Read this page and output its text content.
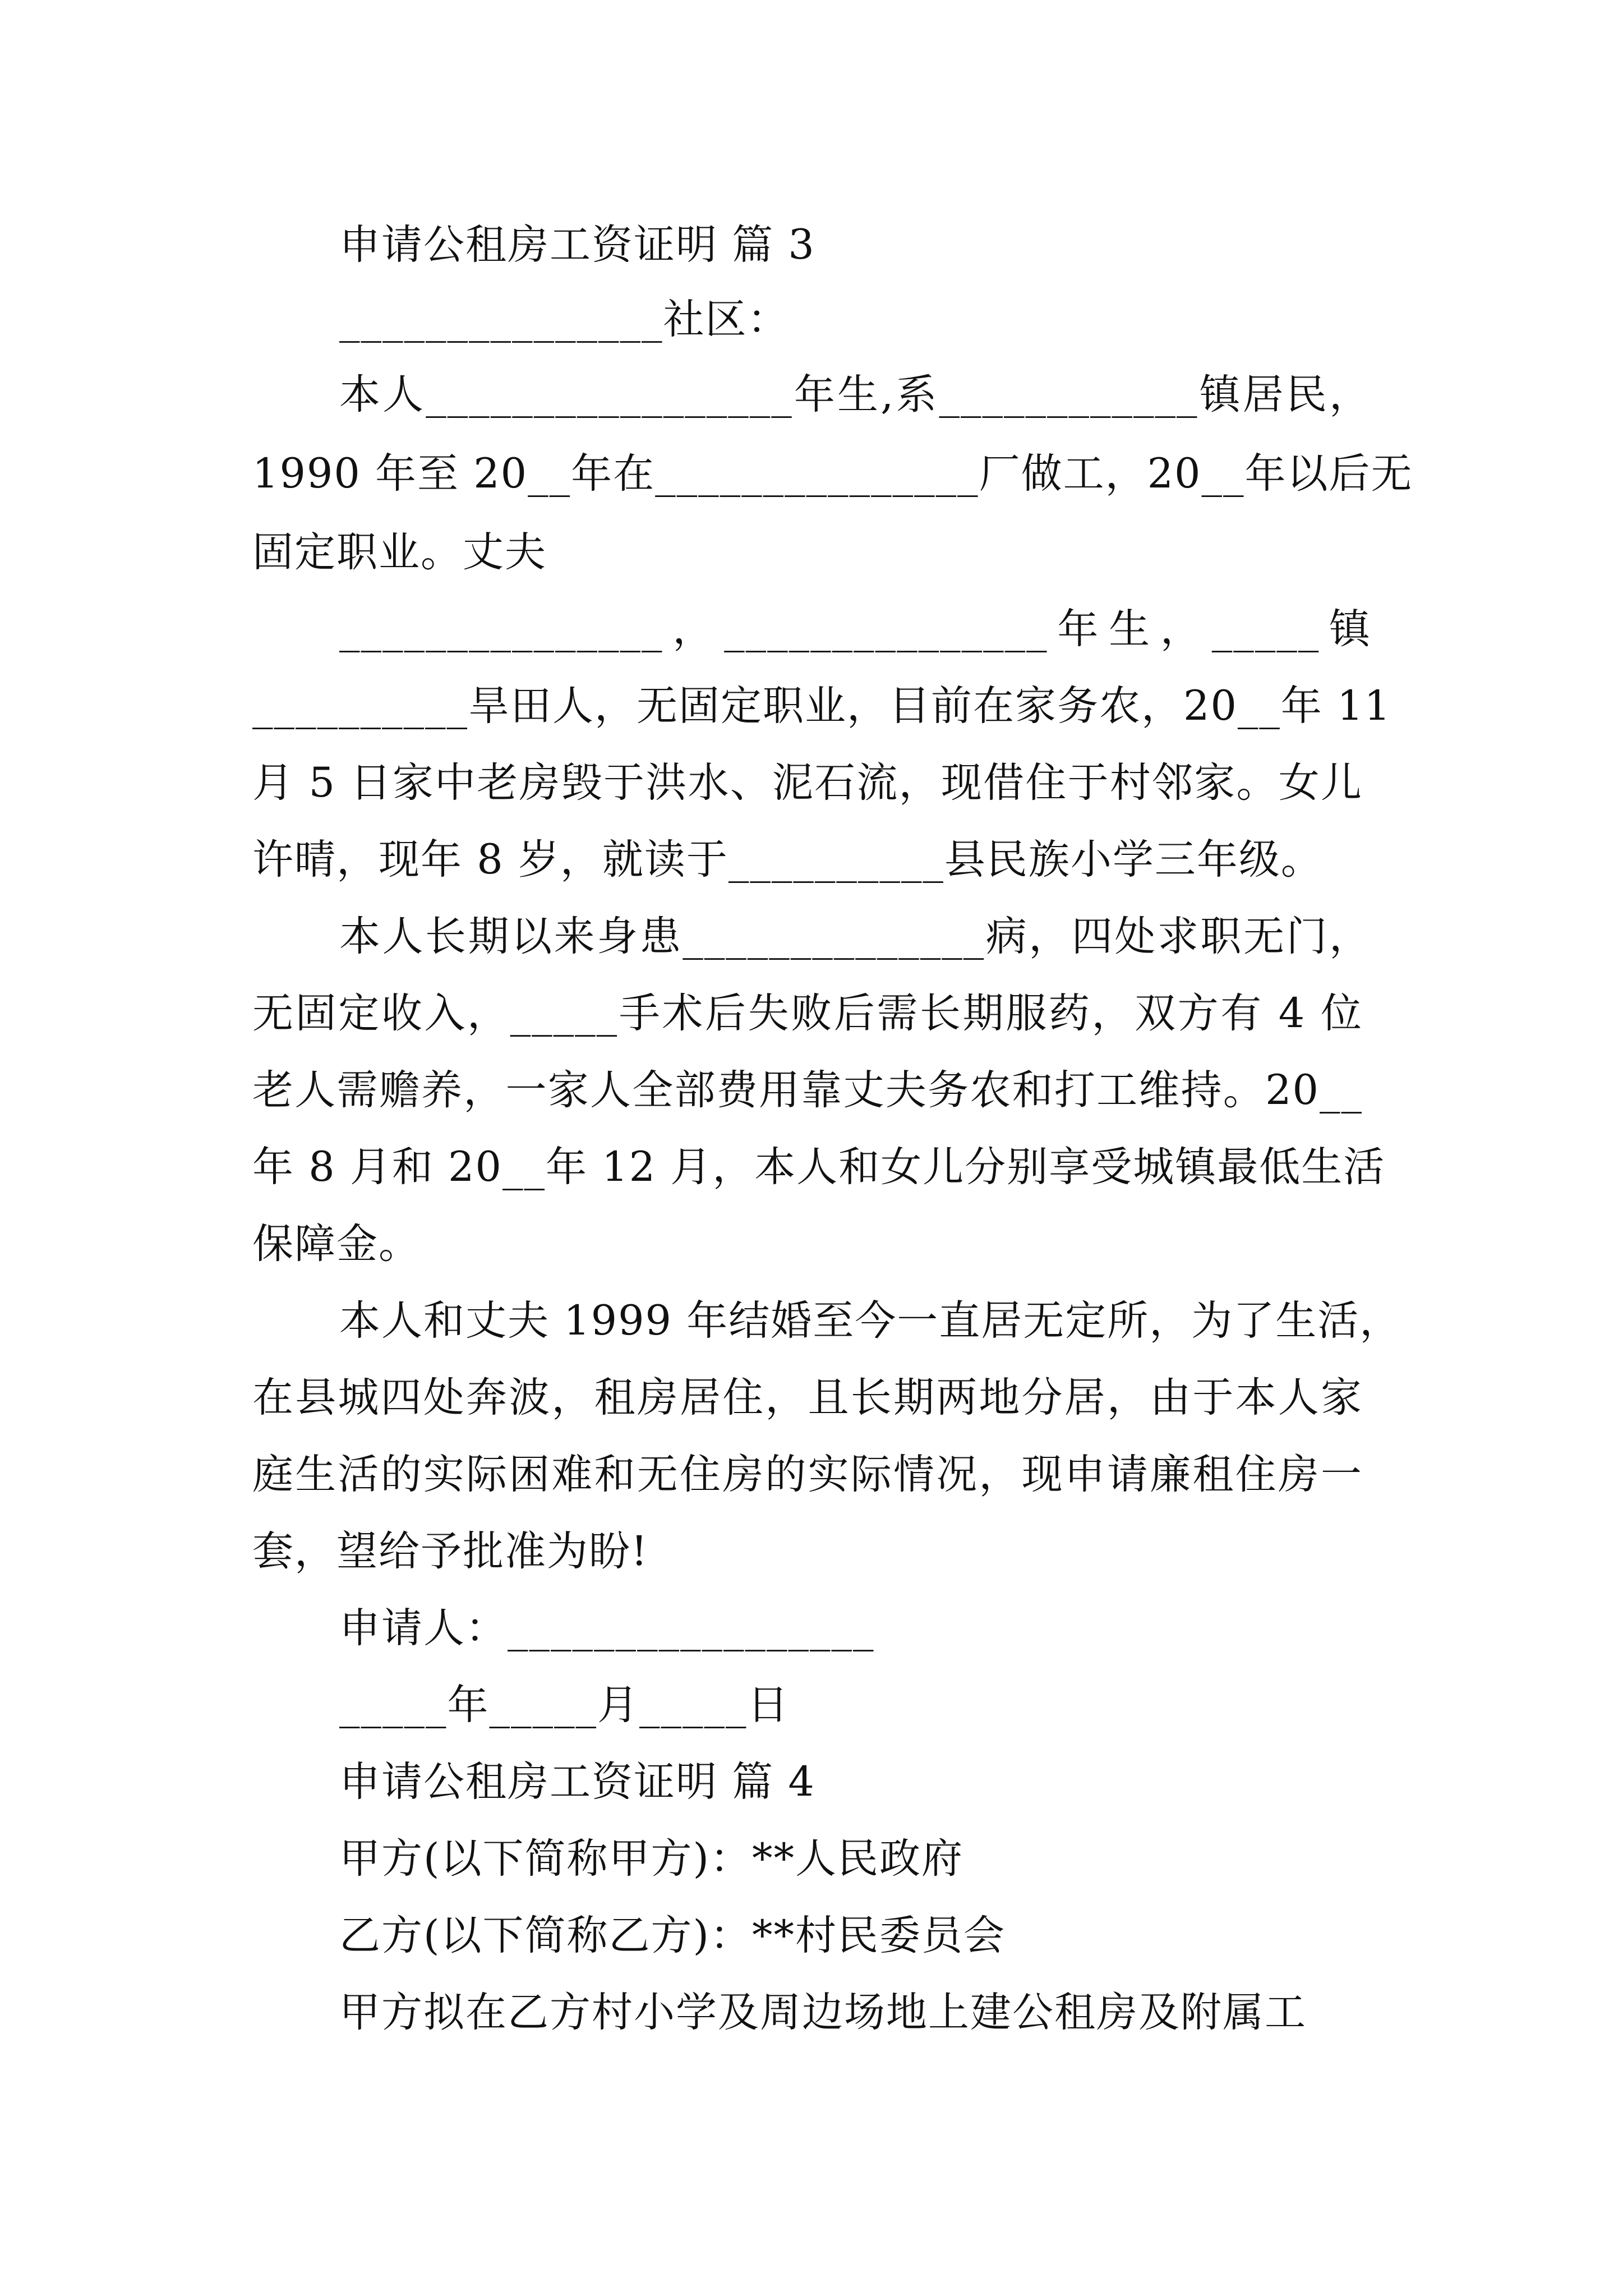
申请公租房工资证明 篇 3
_______________社区：
本人_________________年生,系____________镇居民，
1990 年至 20__年在_______________厂做工，20__年以后无
固定职业。丈夫
_______________，_______________年生，_____镇
__________旱田人，无固定职业，目前在家务农，20__年 11
月 5 日家中老房毁于洪水、泥石流，现借住于村邻家。女儿
许晴，现年 8 岁，就读于__________县民族小学三年级。
本人长期以来身患______________病，四处求职无门，
无固定收入，_____手术后失败后需长期服药，双方有 4 位
老人需赡养，一家人全部费用靠丈夫务农和打工维持。20__
年 8 月和 20__年 12 月，本人和女儿分别享受城镇最低生活
保障金。
本人和丈夫 1999 年结婚至今一直居无定所，为了生活，
在县城四处奔波，租房居住，且长期两地分居，由于本人家
庭生活的实际困难和无住房的实际情况，现申请廉租住房一
套，望给予批准为盼!
申请人：_________________
_____年_____月_____日
申请公租房工资证明 篇 4
甲方(以下简称甲方)：**人民政府
乙方(以下简称乙方)：**村民委员会
甲方拟在乙方村小学及周边场地上建公租房及附属工
